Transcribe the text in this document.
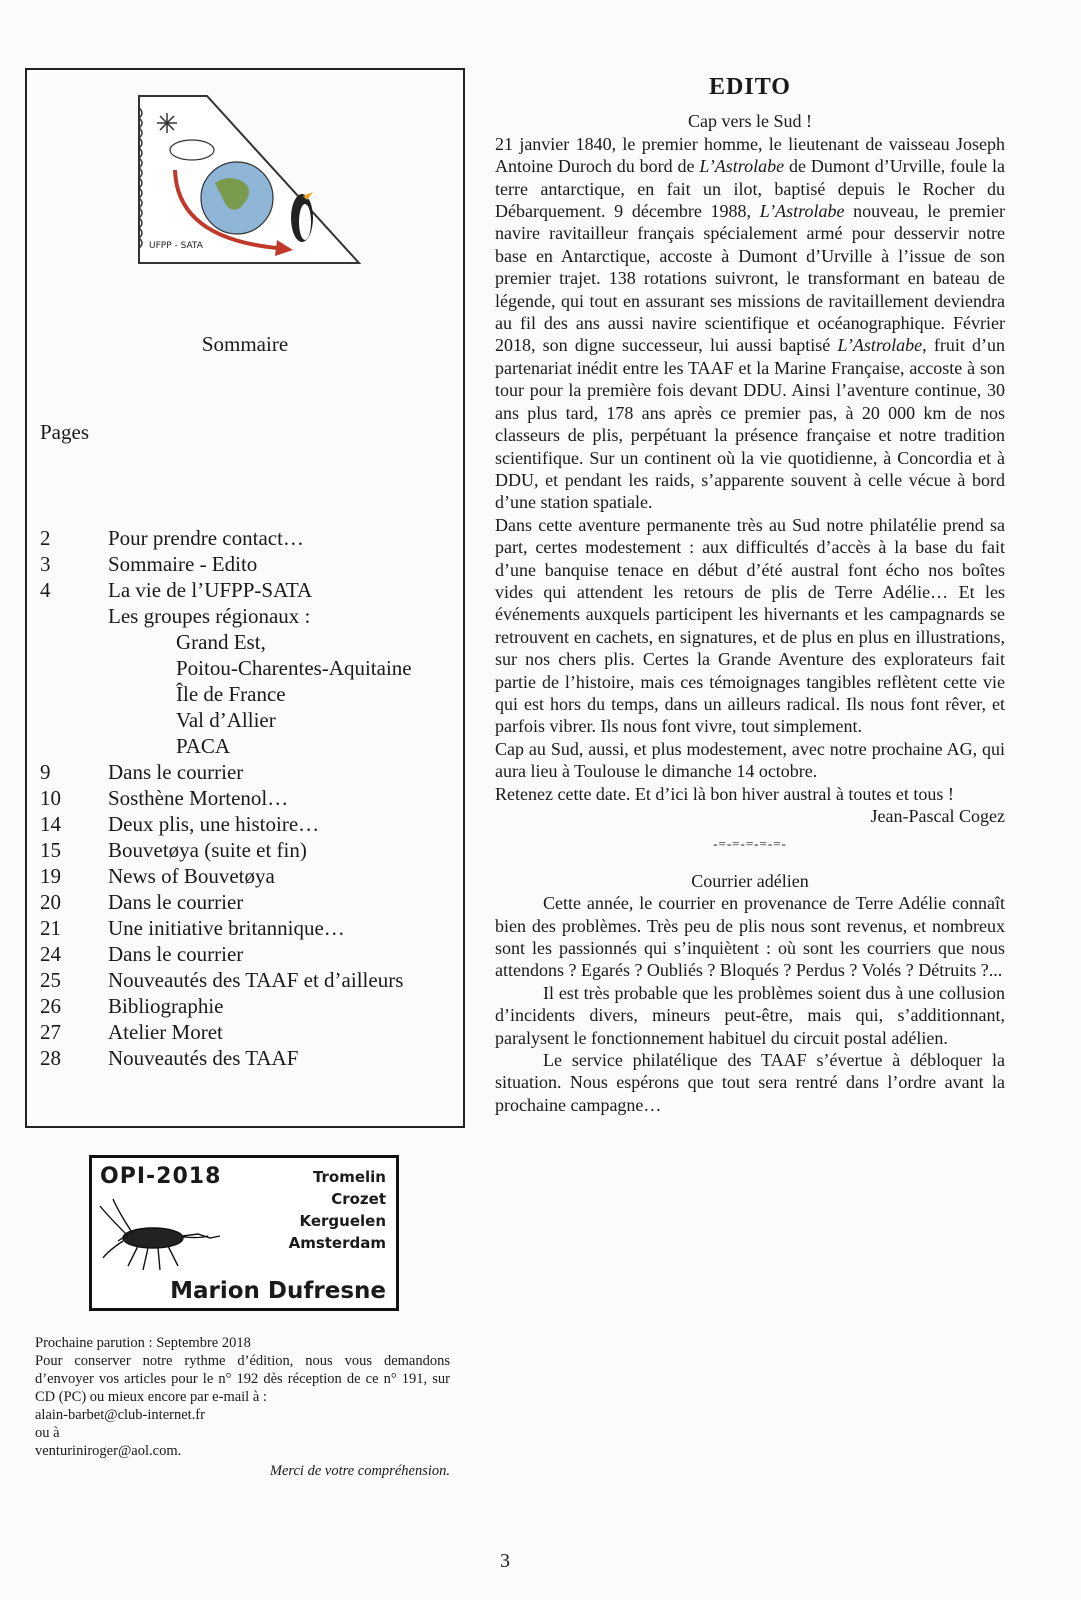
UFPP - SATA
Sommaire
Pages
2	Pour prendre contact…
3	Sommaire - Edito
4	La vie de l’UFPP-SATA
Les groupes régionaux :
Grand Est,
Poitou-Charentes-Aquitaine
Île de France
Val d’Allier
PACA
9	Dans le courrier
10	Sosthène Mortenol…
14	Deux plis, une histoire…
15	Bouvetøya (suite et fin)
19	News of Bouvetøya
20	Dans le courrier
21	Une initiative britannique…
24	Dans le courrier
25	Nouveautés des TAAF et d’ailleurs
26	Bibliographie
27	Atelier Moret
28	Nouveautés des TAAF
OPI-2018	Tromelin
Crozet
Kerguelen
Amsterdam
Marion Dufresne

Prochaine parution : Septembre 2018

Pour conserver notre rythme d’édition, nous vous demandons d’envoyer vos articles pour le n° 192 dès réception de ce n° 191, sur CD (PC) ou mieux encore par e-mail à :

alain-barbet@club-internet.fr

ou à

venturiniroger@aol.com.

Merci de votre compréhension.

EDITO
Cap vers le Sud !

21 janvier 1840, le premier homme, le lieutenant de vaisseau Joseph Antoine Duroch du bord de L’Astrolabe de Dumont d’Urville, foule la terre antarctique, en fait un ilot, baptisé depuis le Rocher du Débarquement. 9 décembre 1988, L’Astrolabe nouveau, le premier navire ravitailleur français spécialement armé pour desservir notre base en Antarctique, accoste à Dumont d’Urville à l’issue de son premier trajet. 138 rotations suivront, le transformant en bateau de légende, qui tout en assurant ses missions de ravitaillement deviendra au fil des ans aussi navire scientifique et océanographique. Février 2018, son digne successeur, lui aussi baptisé L’Astrolabe, fruit d’un partenariat inédit entre les TAAF et la Marine Française, accoste à son tour pour la première fois devant DDU. Ainsi l’aventure continue, 30 ans plus tard, 178 ans après ce premier pas, à 20 000 km de nos classeurs de plis, perpétuant la présence française et notre tradition scientifique. Sur un continent où la vie quotidienne, à Concordia et à DDU, et pendant les raids, s’apparente souvent à celle vécue à bord d’une station spatiale.

Dans cette aventure permanente très au Sud notre philatélie prend sa part, certes modestement : aux difficultés d’accès à la base du fait d’une banquise tenace en début d’été austral font écho nos boîtes vides qui attendent les retours de plis de Terre Adélie… Et les événements auxquels participent les hivernants et les campagnards se retrouvent en cachets, en signatures, et de plus en plus en illustrations, sur nos chers plis. Certes la Grande Aventure des explorateurs fait partie de l’histoire, mais ces témoignages tangibles reflètent cette vie qui est hors du temps, dans un ailleurs radical. Ils nous font rêver, et parfois vibrer. Ils nous font vivre, tout simplement.

Cap au Sud, aussi, et plus modestement, avec notre prochaine AG, qui aura lieu à Toulouse le dimanche 14 octobre.

Retenez cette date. Et d’ici là bon hiver austral à toutes et tous !

Jean-Pascal Cogez

-=-=-=-=-=-
Courrier adélien

Cette année, le courrier en provenance de Terre Adélie connaît bien des problèmes. Très peu de plis nous sont revenus, et nombreux sont les passionnés qui s’inquiètent : où sont les courriers que nous attendons ? Egarés ? Oubliés ? Bloqués ? Perdus ? Volés ? Détruits ?...

Il est très probable que les problèmes soient dus à une collusion d’incidents divers, mineurs peut-être, mais qui, s’additionnant, paralysent le fonctionnement habituel du circuit postal adélien.

Le service philatélique des TAAF s’évertue à débloquer la situation. Nous espérons que tout sera rentré dans l’ordre avant la prochaine campagne…

3
